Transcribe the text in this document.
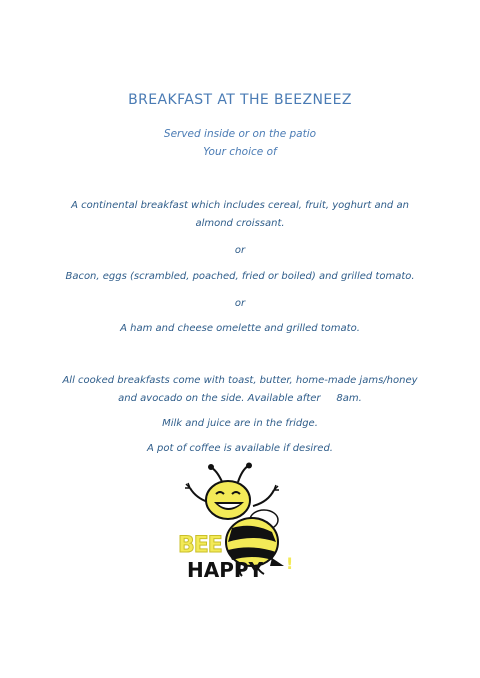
BREAKFAST AT THE BEEZNEEZ
Served inside or on the patio
Your choice of
A continental breakfast which includes cereal, fruit, yoghurt and an
almond croissant.
or
Bacon, eggs (scrambled, poached, fried or boiled) and grilled tomato.
or
A ham and cheese omelette and grilled tomato.
All cooked breakfasts come with toast, butter, home-made jams/honey
and avocado on the side. Available after     8am.
Milk and juice are in the fridge.
A pot of coffee is available if desired.
BEE
HAPPY !
